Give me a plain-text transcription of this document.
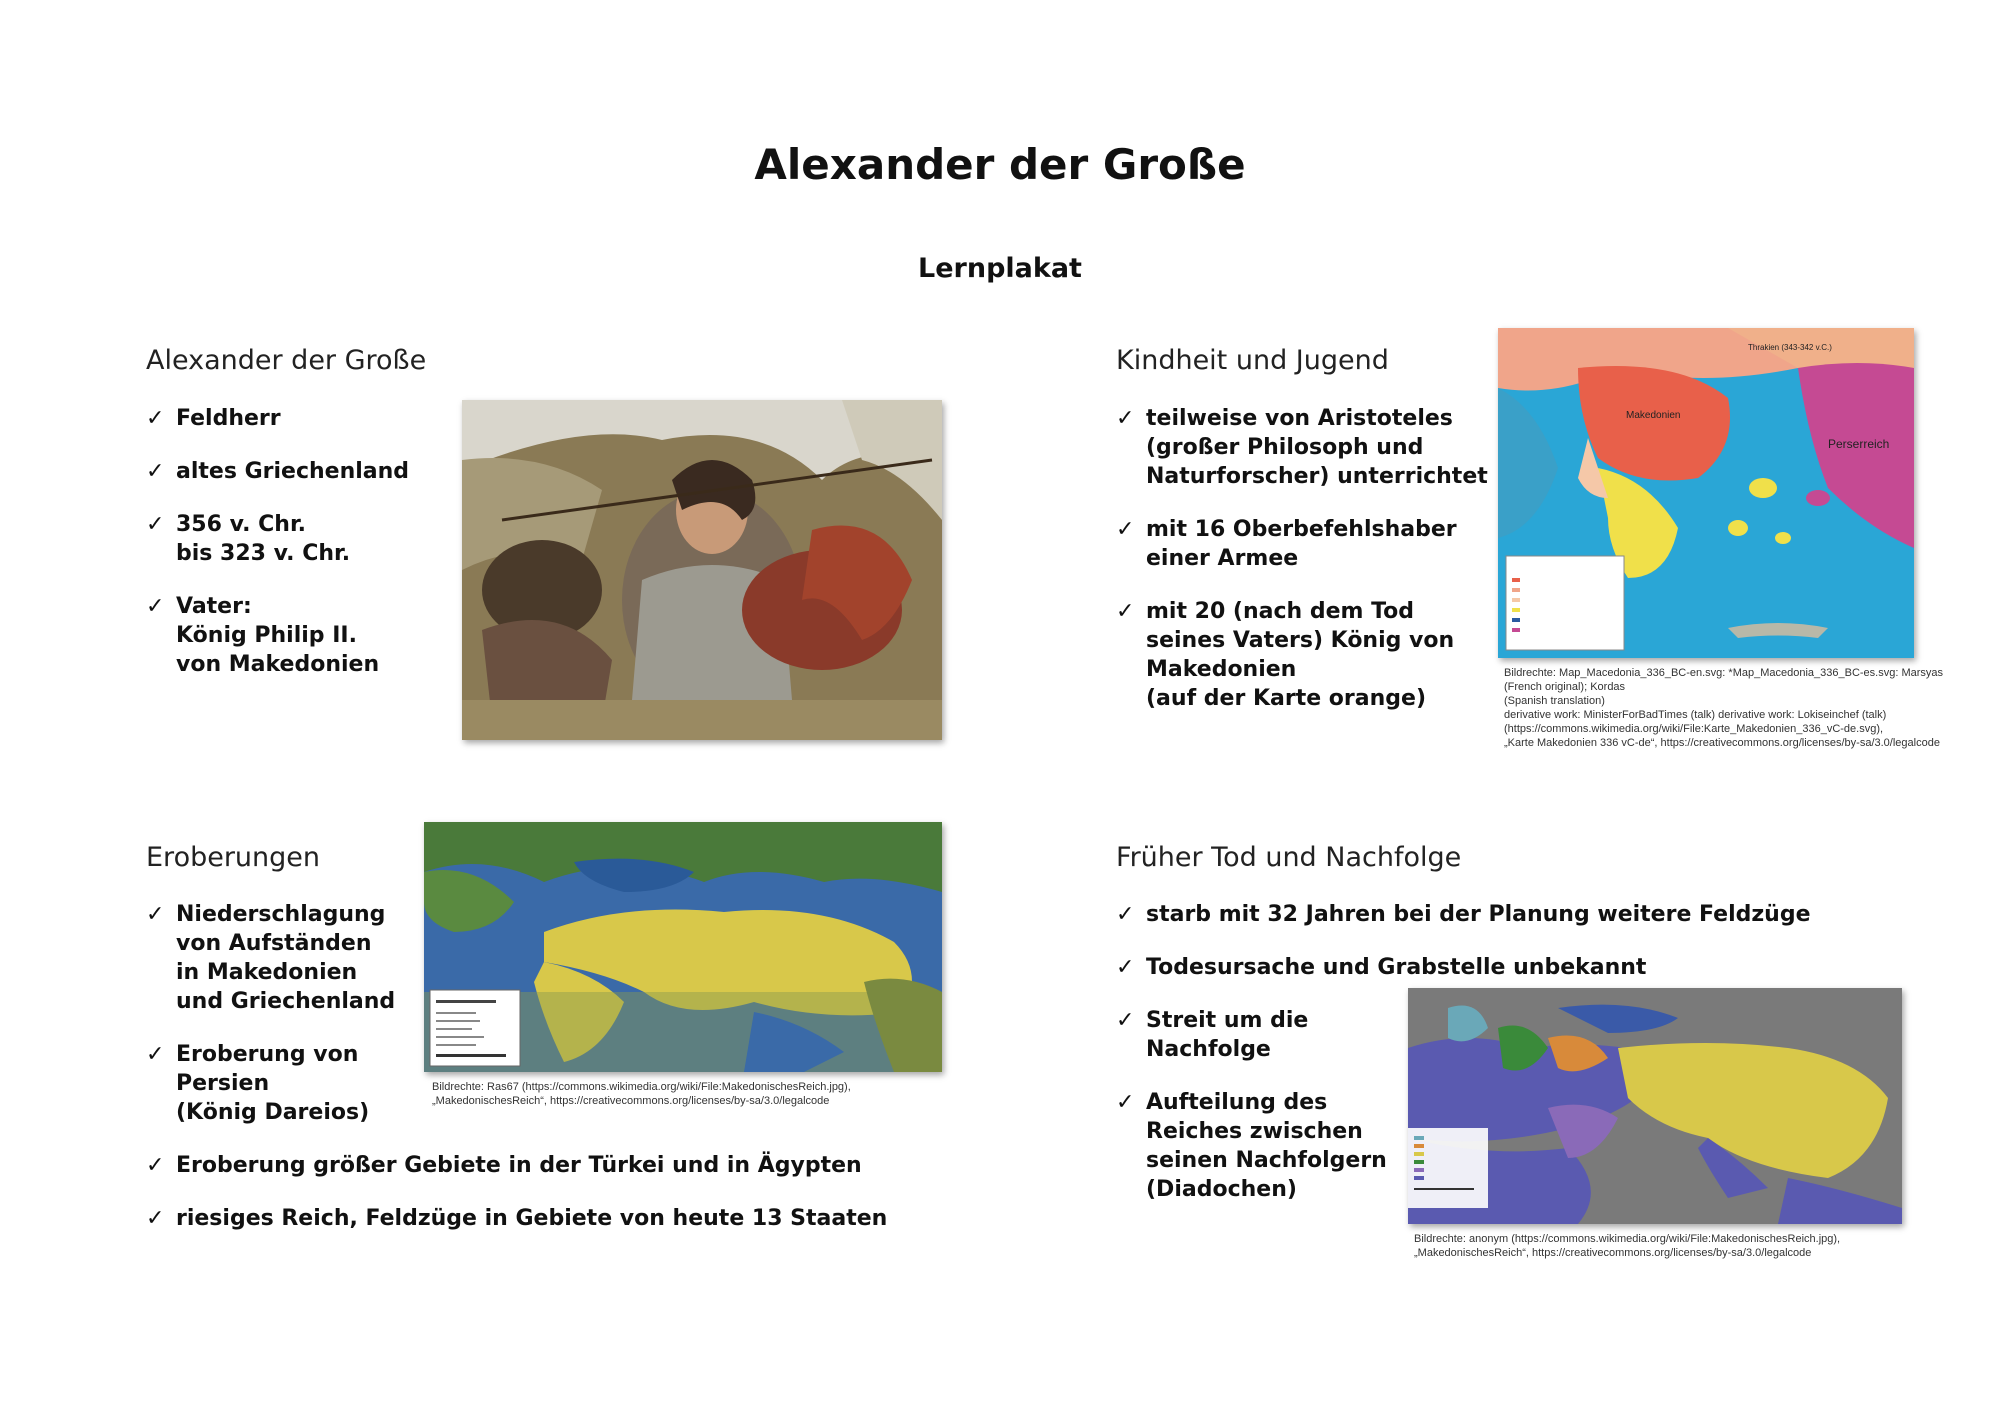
Alexander der Große
Lernplakat
Alexander der Große
✓ Feldherr
✓ altes Griechenland
✓ 356 v. Chr.
bis 323 v. Chr.
✓ Vater:
König Philip II.
von Makedonien
Kindheit und Jugend
✓ teilweise von Aristoteles
(großer Philosoph und
Naturforscher) unterrichtet
✓ mit 16 Oberbefehlshaber
einer Armee
✓ mit 20 (nach dem Tod
seines Vaters) König von
Makedonien
(auf der Karte orange)
Makedonien
Perserreich
Thrakien (343-342 v.C.)
Bildrechte: Map_Macedonia_336_BC-en.svg: *Map_Macedonia_336_BC-es.svg: Marsyas (French original); Kordas
(Spanish translation)
derivative work: MinisterForBadTimes (talk) derivative work: Lokiseinchef (talk)
(https://commons.wikimedia.org/wiki/File:Karte_Makedonien_336_vC-de.svg),
„Karte Makedonien 336 vC-de“, https://creativecommons.org/licenses/by-sa/3.0/legalcode
Eroberungen
✓ Niederschlagung
von Aufständen
in Makedonien
und Griechenland
✓ Eroberung von
Persien
(König Dareios)
✓ Eroberung größer Gebiete in der Türkei und in Ägypten
✓ riesiges Reich, Feldzüge in Gebiete von heute 13 Staaten
Bildrechte: Ras67 (https://commons.wikimedia.org/wiki/File:MakedonischesReich.jpg),
„MakedonischesReich“, https://creativecommons.org/licenses/by-sa/3.0/legalcode
Früher Tod und Nachfolge
✓ starb mit 32 Jahren bei der Planung weitere Feldzüge
✓ Todesursache und Grabstelle unbekannt
✓ Streit um die
Nachfolge
✓ Aufteilung des
Reiches zwischen
seinen Nachfolgern
(Diadochen)
Bildrechte: anonym (https://commons.wikimedia.org/wiki/File:MakedonischesReich.jpg),
„MakedonischesReich“, https://creativecommons.org/licenses/by-sa/3.0/legalcode
